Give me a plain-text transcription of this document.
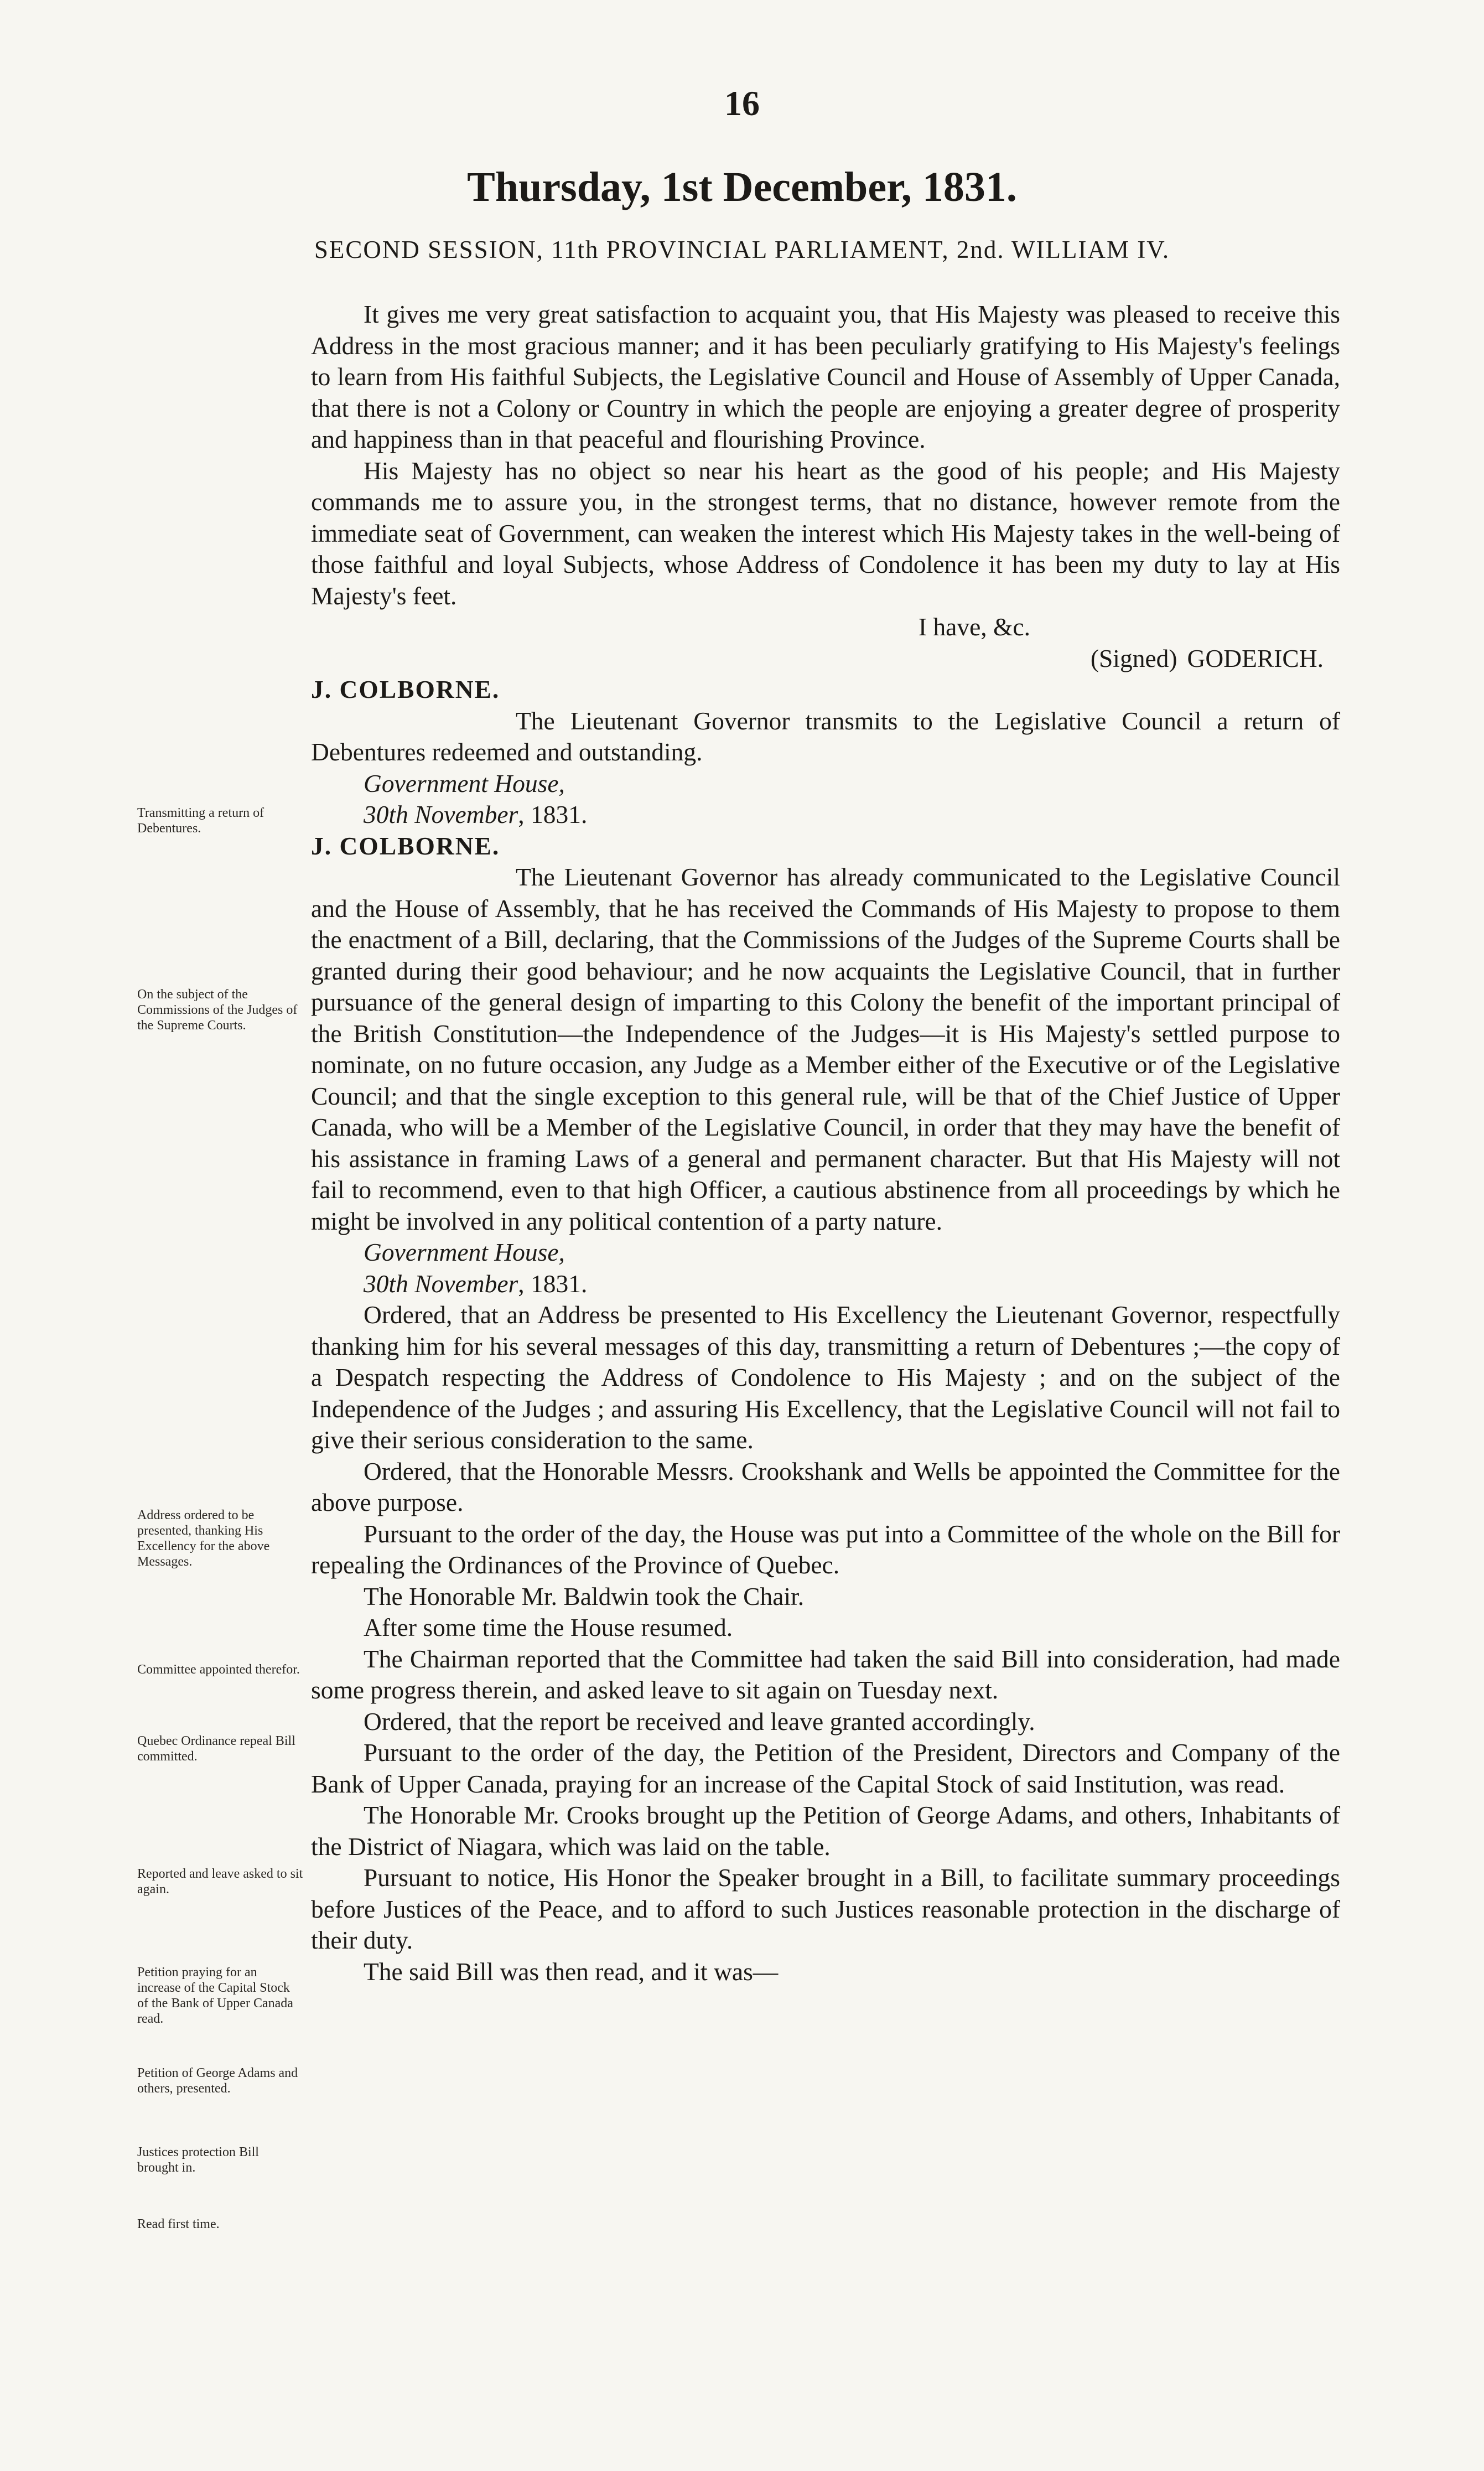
16
Thursday, 1st December, 1831.
SECOND SESSION, 11th PROVINCIAL PARLIAMENT, 2nd. WILLIAM IV.
Transmitting a return of Debentures.
On the subject of the Commissions of the Judges of the Supreme Courts.
Address ordered to be presented, thanking His Excellency for the above Messages.
Committee appointed therefor.
Quebec Ordinance repeal Bill committed.
Reported and leave asked to sit again.
Petition praying for an increase of the Capital Stock of the Bank of Upper Canada read.
Petition of George Adams and others, presented.
Justices protection Bill brought in.
Read first time.

It gives me very great satisfaction to acquaint you, that His Majesty was pleased to receive this Address in the most gracious manner; and it has been peculiarly gratifying to His Majesty's feelings to learn from His faithful Subjects, the Legislative Council and House of Assembly of Upper Canada, that there is not a Colony or Country in which the people are enjoying a greater degree of prosperity and happiness than in that peaceful and flourishing Province.

His Majesty has no object so near his heart as the good of his people; and His Majesty commands me to assure you, in the strongest terms, that no distance, however remote from the immediate seat of Government, can weaken the interest which His Majesty takes in the well-being of those faithful and loyal Subjects, whose Address of Condolence it has been my duty to lay at His Majesty's feet.

I have, &c.

(Signed) GODERICH.

J. COLBORNE.

The Lieutenant Governor transmits to the Legislative Council a return of Debentures redeemed and outstanding.

Government House,

30th November, 1831.

J. COLBORNE.

The Lieutenant Governor has already communicated to the Legislative Council and the House of Assembly, that he has received the Commands of His Majesty to propose to them the enactment of a Bill, declaring, that the Commissions of the Judges of the Supreme Courts shall be granted during their good behaviour; and he now acquaints the Legislative Council, that in further pursuance of the general design of imparting to this Colony the benefit of the important principal of the British Constitution—the Independence of the Judges—it is His Majesty's settled purpose to nominate, on no future occasion, any Judge as a Member either of the Executive or of the Legislative Council; and that the single exception to this general rule, will be that of the Chief Justice of Upper Canada, who will be a Member of the Legislative Council, in order that they may have the benefit of his assistance in framing Laws of a general and permanent character. But that His Majesty will not fail to recommend, even to that high Officer, a cautious abstinence from all proceedings by which he might be involved in any political contention of a party nature.

Government House,

30th November, 1831.

Ordered, that an Address be presented to His Excellency the Lieutenant Governor, respectfully thanking him for his several messages of this day, transmitting a return of Debentures ;—the copy of a Despatch respecting the Address of Condolence to His Majesty ; and on the subject of the Independence of the Judges ; and assuring His Excellency, that the Legislative Council will not fail to give their serious consideration to the same.

Ordered, that the Honorable Messrs. Crookshank and Wells be appointed the Committee for the above purpose.

Pursuant to the order of the day, the House was put into a Committee of the whole on the Bill for repealing the Ordinances of the Province of Quebec.

The Honorable Mr. Baldwin took the Chair.

After some time the House resumed.

The Chairman reported that the Committee had taken the said Bill into consideration, had made some progress therein, and asked leave to sit again on Tuesday next.

Ordered, that the report be received and leave granted accordingly.

Pursuant to the order of the day, the Petition of the President, Directors and Company of the Bank of Upper Canada, praying for an increase of the Capital Stock of said Institution, was read.

The Honorable Mr. Crooks brought up the Petition of George Adams, and others, Inhabitants of the District of Niagara, which was laid on the table.

Pursuant to notice, His Honor the Speaker brought in a Bill, to facilitate summary proceedings before Justices of the Peace, and to afford to such Justices reasonable protection in the discharge of their duty.

The said Bill was then read, and it was—
